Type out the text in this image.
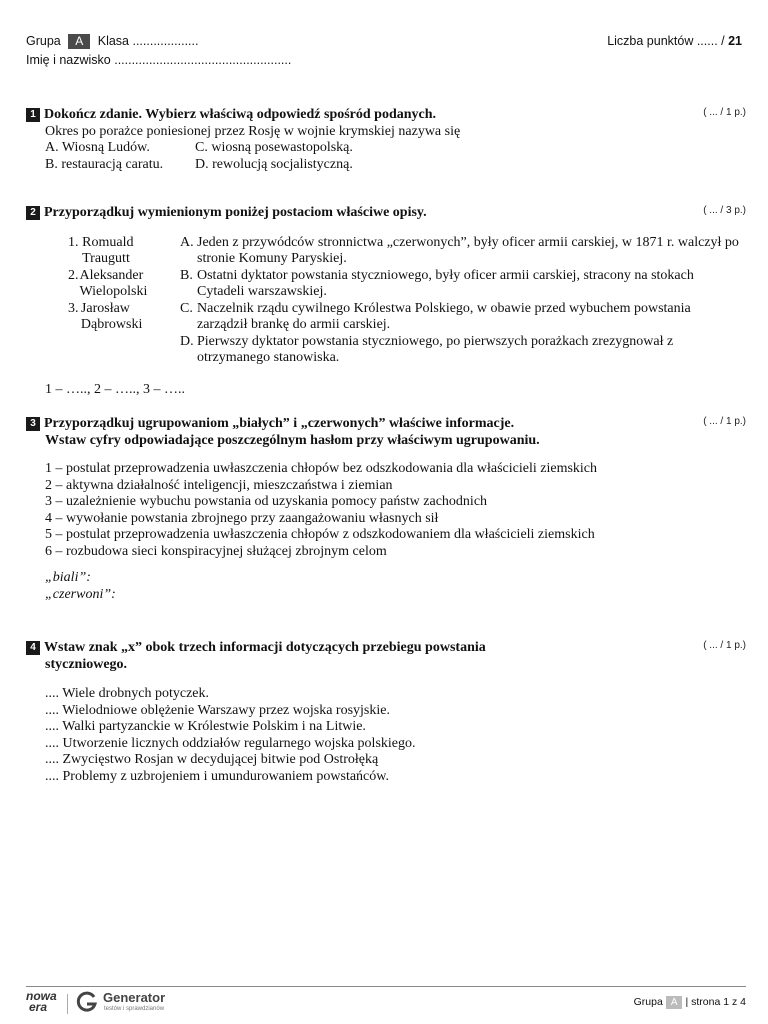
Grupa A Klasa ...................
Imię i nazwisko ...................................................
Liczba punktów ...... / 21
1 Dokończ zdanie. Wybierz właściwą odpowiedź spośród podanych.	( ... / 1 p.)
Okres po porażce poniesionej przez Rosję w wojnie krymskiej nazywa się
A. Wiosną Ludów.	C. wiosną posewastopolską.
B. restauracją caratu.	D. rewolucją socjalistyczną.
2 Przyporządkuj wymienionym poniżej postaciom właściwe opisy.	( ... / 3 p.)
1. Romuald Traugutt
2. Aleksander Wielopolski
3. Jarosław Dąbrowski
A. Jeden z przywódców stronnictwa „czerwonych”, były oficer armii carskiej, w 1871 r. walczył po stronie Komuny Paryskiej.
B. Ostatni dyktator powstania styczniowego, były oficer armii carskiej, stracony na stokach Cytadeli warszawskiej.
C. Naczelnik rządu cywilnego Królestwa Polskiego, w obawie przed wybuchem powstania zarządził brankę do armii carskiej.
D. Pierwszy dyktator powstania styczniowego, po pierwszych porażkach zrezygnował z otrzymanego stanowiska.
1 – ….., 2 – ….., 3 – …..
3 Przyporządkuj ugrupowaniom „białych” i „czerwonych” właściwe informacje.
Wstaw cyfry odpowiadające poszczególnym hasłom przy właściwym ugrupowaniu.
( ... / 1 p.)
1 – postulat przeprowadzenia uwłaszczenia chłopów bez odszkodowania dla właścicieli ziemskich
2 – aktywna działalność inteligencji, mieszczaństwa i ziemian
3 – uzależnienie wybuchu powstania od uzyskania pomocy państw zachodnich
4 – wywołanie powstania zbrojnego przy zaangażowaniu własnych sił
5 – postulat przeprowadzenia uwłaszczenia chłopów z odszkodowaniem dla właścicieli ziemskich
6 – rozbudowa sieci konspiracyjnej służącej zbrojnym celom
„biali”:
„czerwoni”:
4 Wstaw znak „x” obok trzech informacji dotyczących przebiegu powstania
styczniowego.
( ... / 1 p.)
.... Wiele drobnych potyczek.
.... Wielodniowe oblężenie Warszawy przez wojska rosyjskie.
.... Walki partyzanckie w Królestwie Polskim i na Litwie.
.... Utworzenie licznych oddziałów regularnego wojska polskiego.
.... Zwycięstwo Rosjan w decydującej bitwie pod Ostrołęką
.... Problemy z uzbrojeniem i umundurowaniem powstańców.
nowa
era
Generator
testów i sprawdzianów
Grupa A | strona 1 z 4
